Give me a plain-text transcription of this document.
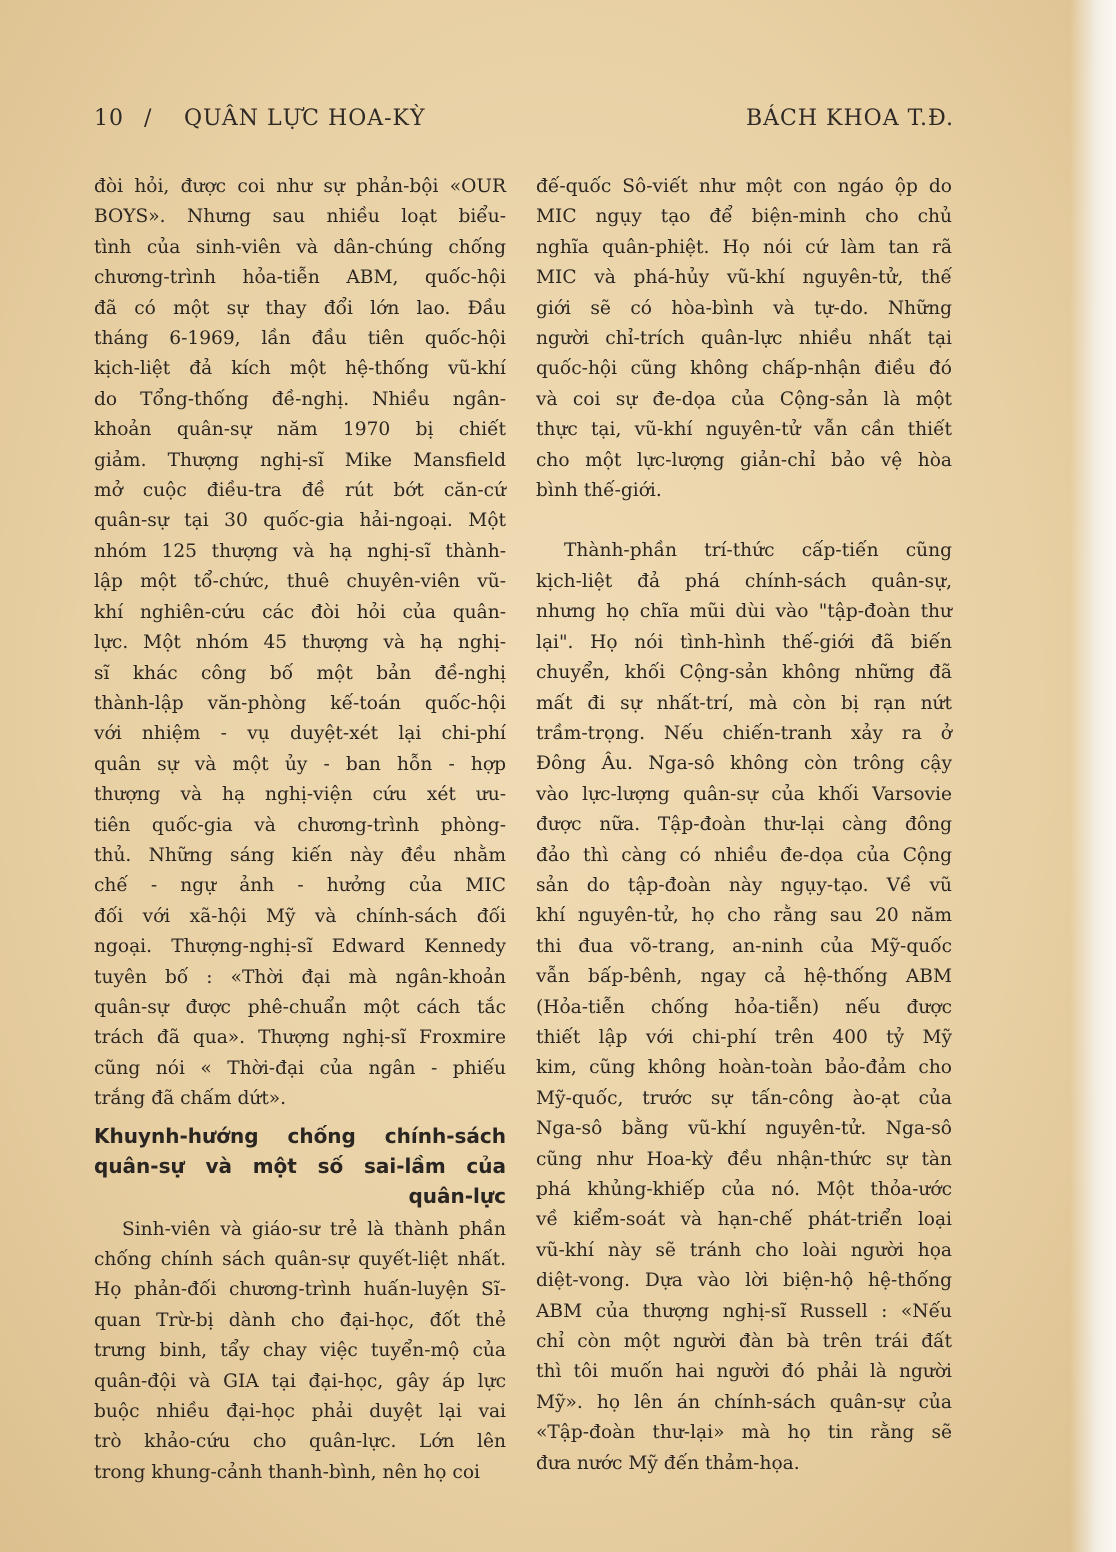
10 / QUÂN LỰC HOA-KỲ	BÁCH KHOA T.Đ.

đòi hỏi, được coi như sự phản-bội «OUR

BOYS». Nhưng sau nhiều loạt biểu-

tình của sinh-viên và dân-chúng chống

chương-trình hỏa-tiễn ABM, quốc-hội

đã có một sự thay đổi lớn lao. Đầu

tháng 6-1969, lần đầu tiên quốc-hội

kịch-liệt đả kích một hệ-thống vũ-khí

do Tổng-thống đề-nghị. Nhiều ngân-

khoản quân-sự năm 1970 bị chiết

giảm. Thượng nghị-sĩ Mike Mansfield

mở cuộc điều-tra đề rút bớt căn-cứ

quân-sự tại 30 quốc-gia hải-ngoại. Một

nhóm 125 thượng và hạ nghị-sĩ thành-

lập một tổ-chức, thuê chuyên-viên vũ-

khí nghiên-cứu các đòi hỏi của quân-

lực. Một nhóm 45 thượng và hạ nghị-

sĩ khác công bố một bản đề-nghị

thành-lập văn-phòng kế-toán quốc-hội

với nhiệm - vụ duyệt-xét lại chi-phí

quân sự và một ủy - ban hỗn - hợp

thượng và hạ nghị-viện cứu xét ưu-

tiên quốc-gia và chương-trình phòng-

thủ. Những sáng kiến này đều nhằm

chế - ngự ảnh - hưởng của MIC

đối với xã-hội Mỹ và chính-sách đối

ngoại. Thượng-nghị-sĩ Edward Kennedy

tuyên bố : «Thời đại mà ngân-khoản

quân-sự được phê-chuẩn một cách tắc

trách đã qua». Thượng nghị-sĩ Froxmire

cũng nói « Thời-đại của ngân - phiếu

trắng đã chấm dứt».

Khuynh-hướng chống chính-sách
quân-sự và một số sai-lầm của
quân-lực

Sinh-viên và giáo-sư trẻ là thành phần

chống chính sách quân-sự quyết-liệt nhất.

Họ phản-đối chương-trình huấn-luyện Sĩ-

quan Trừ-bị dành cho đại-học, đốt thẻ

trưng binh, tẩy chay việc tuyển-mộ của

quân-đội và GIA tại đại-học, gây áp lực

buộc nhiều đại-học phải duyệt lại vai

trò khảo-cứu cho quân-lực. Lớn lên

trong khung-cảnh thanh-bình, nên họ coi

đế-quốc Sô-viết như một con ngáo ộp do

MIC ngụy tạo để biện-minh cho chủ

nghĩa quân-phiệt. Họ nói cứ làm tan rã

MIC và phá-hủy vũ-khí nguyên-tử, thế

giới sẽ có hòa-bình và tự-do. Những

người chỉ-trích quân-lực nhiều nhất tại

quốc-hội cũng không chấp-nhận điều đó

và coi sự đe-dọa của Cộng-sản là một

thực tại, vũ-khí nguyên-tử vẫn cần thiết

cho một lực-lượng giản-chỉ bảo vệ hòa

bình thế-giới.

Thành-phần trí-thức cấp-tiến cũng

kịch-liệt đả phá chính-sách quân-sự,

nhưng họ chĩa mũi dùi vào "tập-đoàn thư

lại". Họ nói tình-hình thế-giới đã biến

chuyển, khối Cộng-sản không những đã

mất đi sự nhất-trí, mà còn bị rạn nứt

trầm-trọng. Nếu chiến-tranh xảy ra ở

Đông Âu. Nga-sô không còn trông cậy

vào lực-lượng quân-sự của khối Varsovie

được nữa. Tập-đoàn thư-lại càng đông

đảo thì càng có nhiều đe-dọa của Cộng

sản do tập-đoàn này ngụy-tạo. Về vũ

khí nguyên-tử, họ cho rằng sau 20 năm

thi đua võ-trang, an-ninh của Mỹ-quốc

vẫn bấp-bênh, ngay cả hệ-thống ABM

(Hỏa-tiễn chống hỏa-tiễn) nếu được

thiết lập với chi-phí trên 400 tỷ Mỹ

kim, cũng không hoàn-toàn bảo-đảm cho

Mỹ-quốc, trước sự tấn-công ào-ạt của

Nga-sô bằng vũ-khí nguyên-tử. Nga-sô

cũng như Hoa-kỳ đều nhận-thức sự tàn

phá khủng-khiếp của nó. Một thỏa-ước

về kiểm-soát và hạn-chế phát-triển loại

vũ-khí này sẽ tránh cho loài người họa

diệt-vong. Dựa vào lời biện-hộ hệ-thống

ABM của thượng nghị-sĩ Russell : «Nếu

chỉ còn một người đàn bà trên trái đất

thì tôi muốn hai người đó phải là người

Mỹ». họ lên án chính-sách quân-sự của

«Tập-đoàn thư-lại» mà họ tin rằng sẽ

đưa nước Mỹ đến thảm-họa.
